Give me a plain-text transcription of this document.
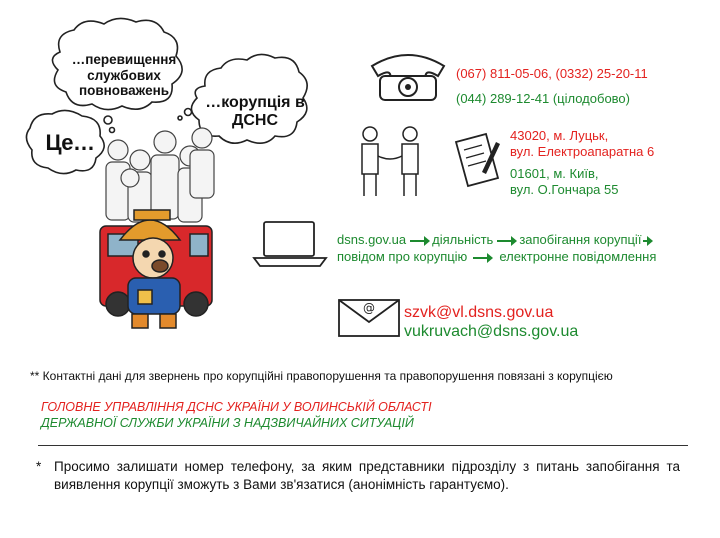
…перевищення службових повноважень
…корупція в ДСНС
Це…
(067) 811-05-06, (0332) 25-20-11
(044) 289-12-41 (цілодобово)
43020, м. Луцьк,
вул. Електроапаратна 6
01601, м. Київ,
вул. О.Гончара 55
dsns.gov.ua діяльність запобігання корупції
повідом про корупцію електронне повідомлення
@ szvk@vl.dsns.gov.ua
vukruvach@dsns.gov.ua
** Контактні дані для звернень про корупційні правопорушення та правопорушення повязані з корупцією
ГОЛОВНЕ УПРАВЛІННЯ ДСНС УКРАЇНИ У ВОЛИНСЬКІЙ ОБЛАСТІ
ДЕРЖАВНОЇ СЛУЖБИ УКРАЇНИ З НАДЗВИЧАЙНИХ СИТУАЦІЙ
* Просимо залишати номер телефону, за яким представники підрозділу з питань запобігання та виявлення корупції зможуть з Вами зв'язатися (анонімність гарантуємо).
